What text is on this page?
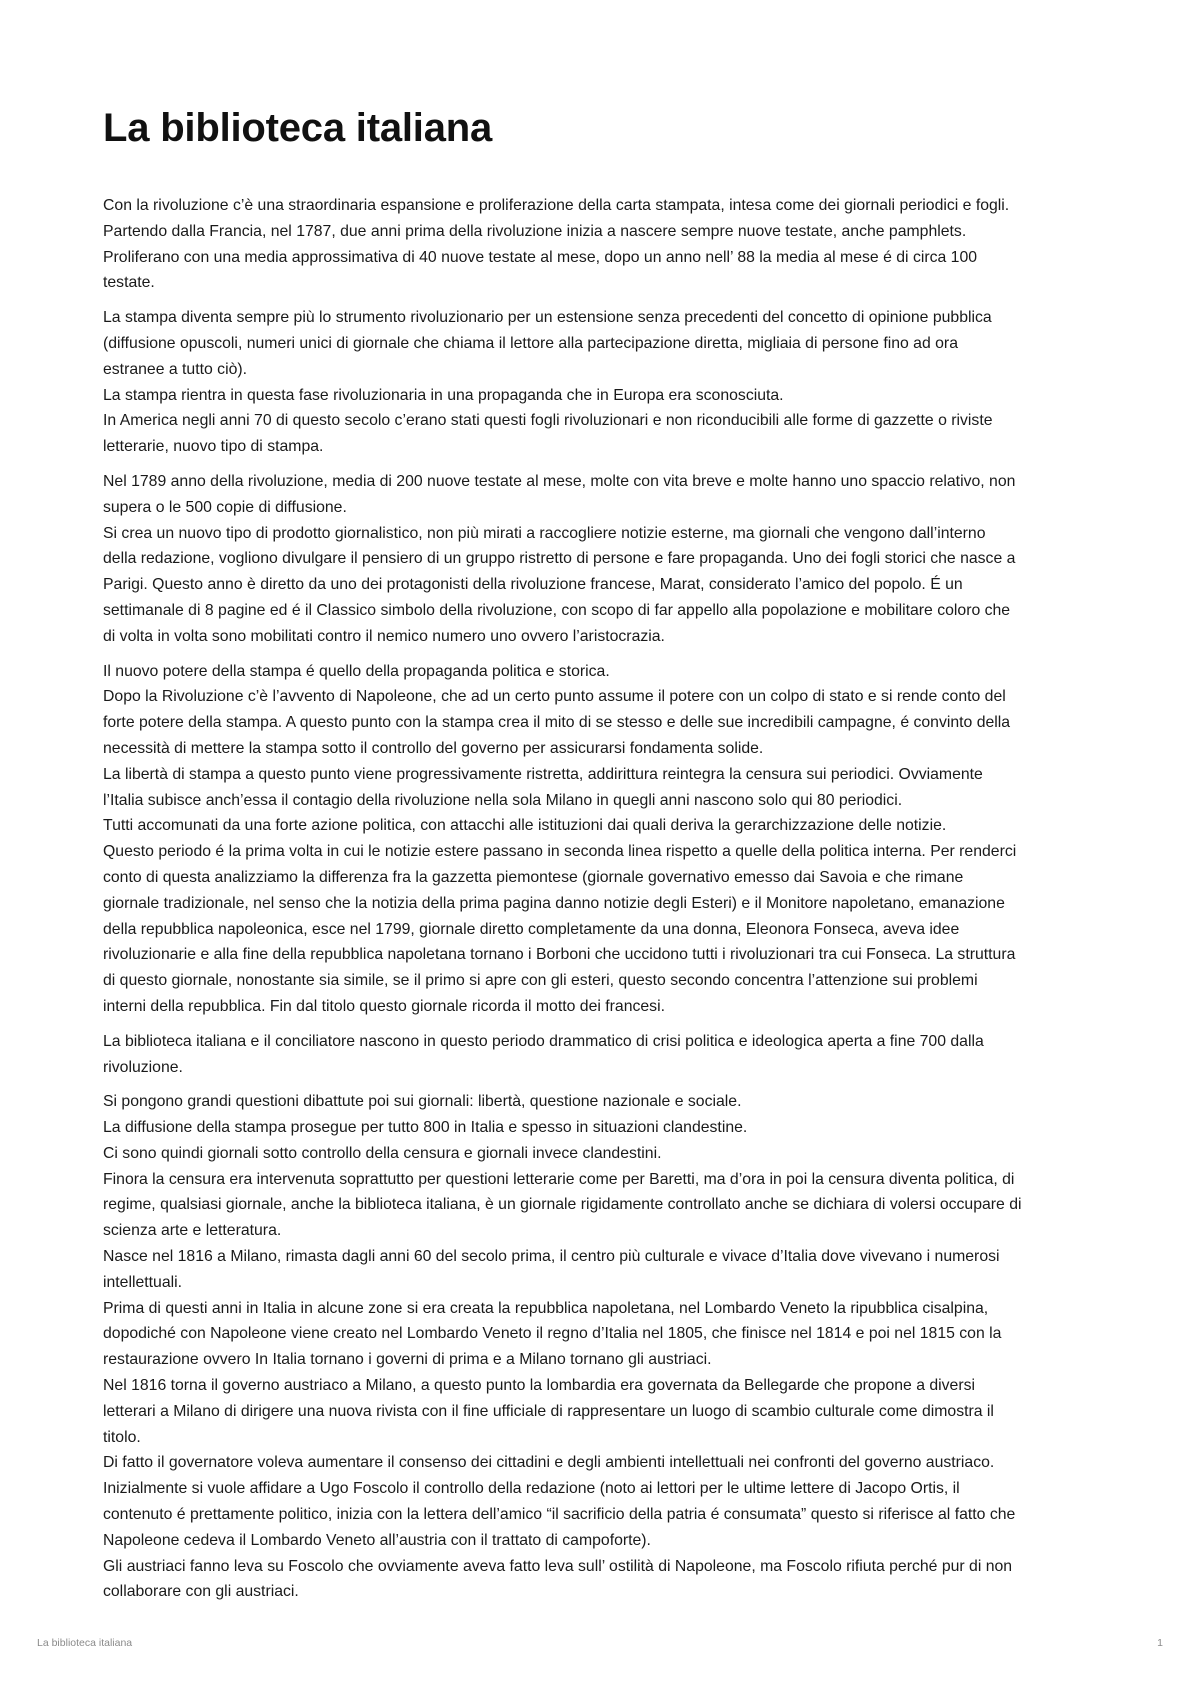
La biblioteca italiana
Con la rivoluzione c’è una straordinaria espansione e proliferazione della carta stampata, intesa come dei giornali periodici e fogli.
Partendo dalla Francia, nel 1787, due anni prima della rivoluzione inizia a nascere sempre nuove testate, anche pamphlets.
Proliferano con una media approssimativa di 40 nuove testate al mese, dopo un anno nell’ 88 la media al mese é di circa 100
testate.
La stampa diventa sempre più lo strumento rivoluzionario per un estensione senza precedenti del concetto di opinione pubblica
(diffusione opuscoli, numeri unici di giornale che chiama il lettore alla partecipazione diretta, migliaia di persone fino ad ora
estranee a tutto ciò).
La stampa rientra in questa fase rivoluzionaria in una propaganda che in Europa era sconosciuta.
In America negli anni 70 di questo secolo c’erano stati questi fogli rivoluzionari e non riconducibili alle forme di gazzette o riviste
letterarie, nuovo tipo di stampa.
Nel 1789 anno della rivoluzione, media di 200 nuove testate al mese, molte con vita breve e molte hanno uno spaccio relativo, non
supera o le 500 copie di diffusione.
Si crea un nuovo tipo di prodotto giornalistico, non più mirati a raccogliere notizie esterne, ma giornali che vengono dall’interno
della redazione, vogliono divulgare il pensiero di un gruppo ristretto di persone e fare propaganda. Uno dei fogli storici che nasce a
Parigi. Questo anno è diretto da uno dei protagonisti della rivoluzione francese, Marat, considerato l’amico del popolo. É un
settimanale di 8 pagine ed é il Classico simbolo della rivoluzione, con scopo di far appello alla popolazione e mobilitare coloro che
di volta in volta sono mobilitati contro il nemico numero uno ovvero l’aristocrazia.
Il nuovo potere della stampa é quello della propaganda politica e storica.
Dopo la Rivoluzione c’è l’avvento di Napoleone, che ad un certo punto assume il potere con un colpo di stato e si rende conto del
forte potere della stampa. A questo punto con la stampa crea il mito di se stesso e delle sue incredibili campagne, é convinto della
necessità di mettere la stampa sotto il controllo del governo per assicurarsi fondamenta solide.
La libertà di stampa a questo punto viene progressivamente ristretta, addirittura reintegra la censura sui periodici. Ovviamente
l’Italia subisce anch’essa il contagio della rivoluzione nella sola Milano in quegli anni nascono solo qui 80 periodici.
Tutti accomunati da una forte azione politica, con attacchi alle istituzioni dai quali deriva la gerarchizzazione delle notizie.
Questo periodo é la prima volta in cui le notizie estere passano in seconda linea rispetto a quelle della politica interna. Per renderci
conto di questa analizziamo la differenza fra la gazzetta piemontese (giornale governativo emesso dai Savoia e che rimane
giornale tradizionale, nel senso che la notizia della prima pagina danno notizie degli Esteri) e il Monitore napoletano, emanazione
della repubblica napoleonica, esce nel 1799, giornale diretto completamente da una donna, Eleonora Fonseca, aveva idee
rivoluzionarie e alla fine della repubblica napoletana tornano i Borboni che uccidono tutti i rivoluzionari tra cui Fonseca. La struttura
di questo giornale, nonostante sia simile, se il primo si apre con gli esteri, questo secondo concentra l’attenzione sui problemi
interni della repubblica. Fin dal titolo questo giornale ricorda il motto dei francesi.
La biblioteca italiana e il conciliatore nascono in questo periodo drammatico di crisi politica e ideologica aperta a fine 700 dalla
rivoluzione.
Si pongono grandi questioni dibattute poi sui giornali: libertà, questione nazionale e sociale.
La diffusione della stampa prosegue per tutto 800 in Italia e spesso in situazioni clandestine.
Ci sono quindi giornali sotto controllo della censura e giornali invece clandestini.
Finora la censura era intervenuta soprattutto per questioni letterarie come per Baretti, ma d’ora in poi la censura diventa politica, di
regime, qualsiasi giornale, anche la biblioteca italiana, è un giornale rigidamente controllato anche se dichiara di volersi occupare di
scienza arte e letteratura.
Nasce nel 1816 a Milano, rimasta dagli anni 60 del secolo prima, il centro più culturale e vivace d’Italia dove vivevano i numerosi
intellettuali.
Prima di questi anni in Italia in alcune zone si era creata la repubblica napoletana, nel Lombardo Veneto la ripubblica cisalpina,
dopodiché con Napoleone viene creato nel Lombardo Veneto il regno d’Italia nel 1805, che finisce nel 1814 e poi nel 1815 con la
restaurazione ovvero In Italia tornano i governi di prima e a Milano tornano gli austriaci.
Nel 1816 torna il governo austriaco a Milano, a questo punto la lombardia era governata da Bellegarde che propone a diversi
letterari a Milano di dirigere una nuova rivista con il fine ufficiale di rappresentare un luogo di scambio culturale come dimostra il
titolo.
Di fatto il governatore voleva aumentare il consenso dei cittadini e degli ambienti intellettuali nei confronti del governo austriaco.
Inizialmente si vuole affidare a Ugo Foscolo il controllo della redazione (noto ai lettori per le ultime lettere di Jacopo Ortis, il
contenuto é prettamente politico, inizia con la lettera dell’amico “il sacrificio della patria é consumata” questo si riferisce al fatto che
Napoleone cedeva il Lombardo Veneto all’austria con il trattato di campoforte).
Gli austriaci fanno leva su Foscolo che ovviamente aveva fatto leva sull’ ostilità di Napoleone, ma Foscolo rifiuta perché pur di non
collaborare con gli austriaci.
La biblioteca italiana	1
